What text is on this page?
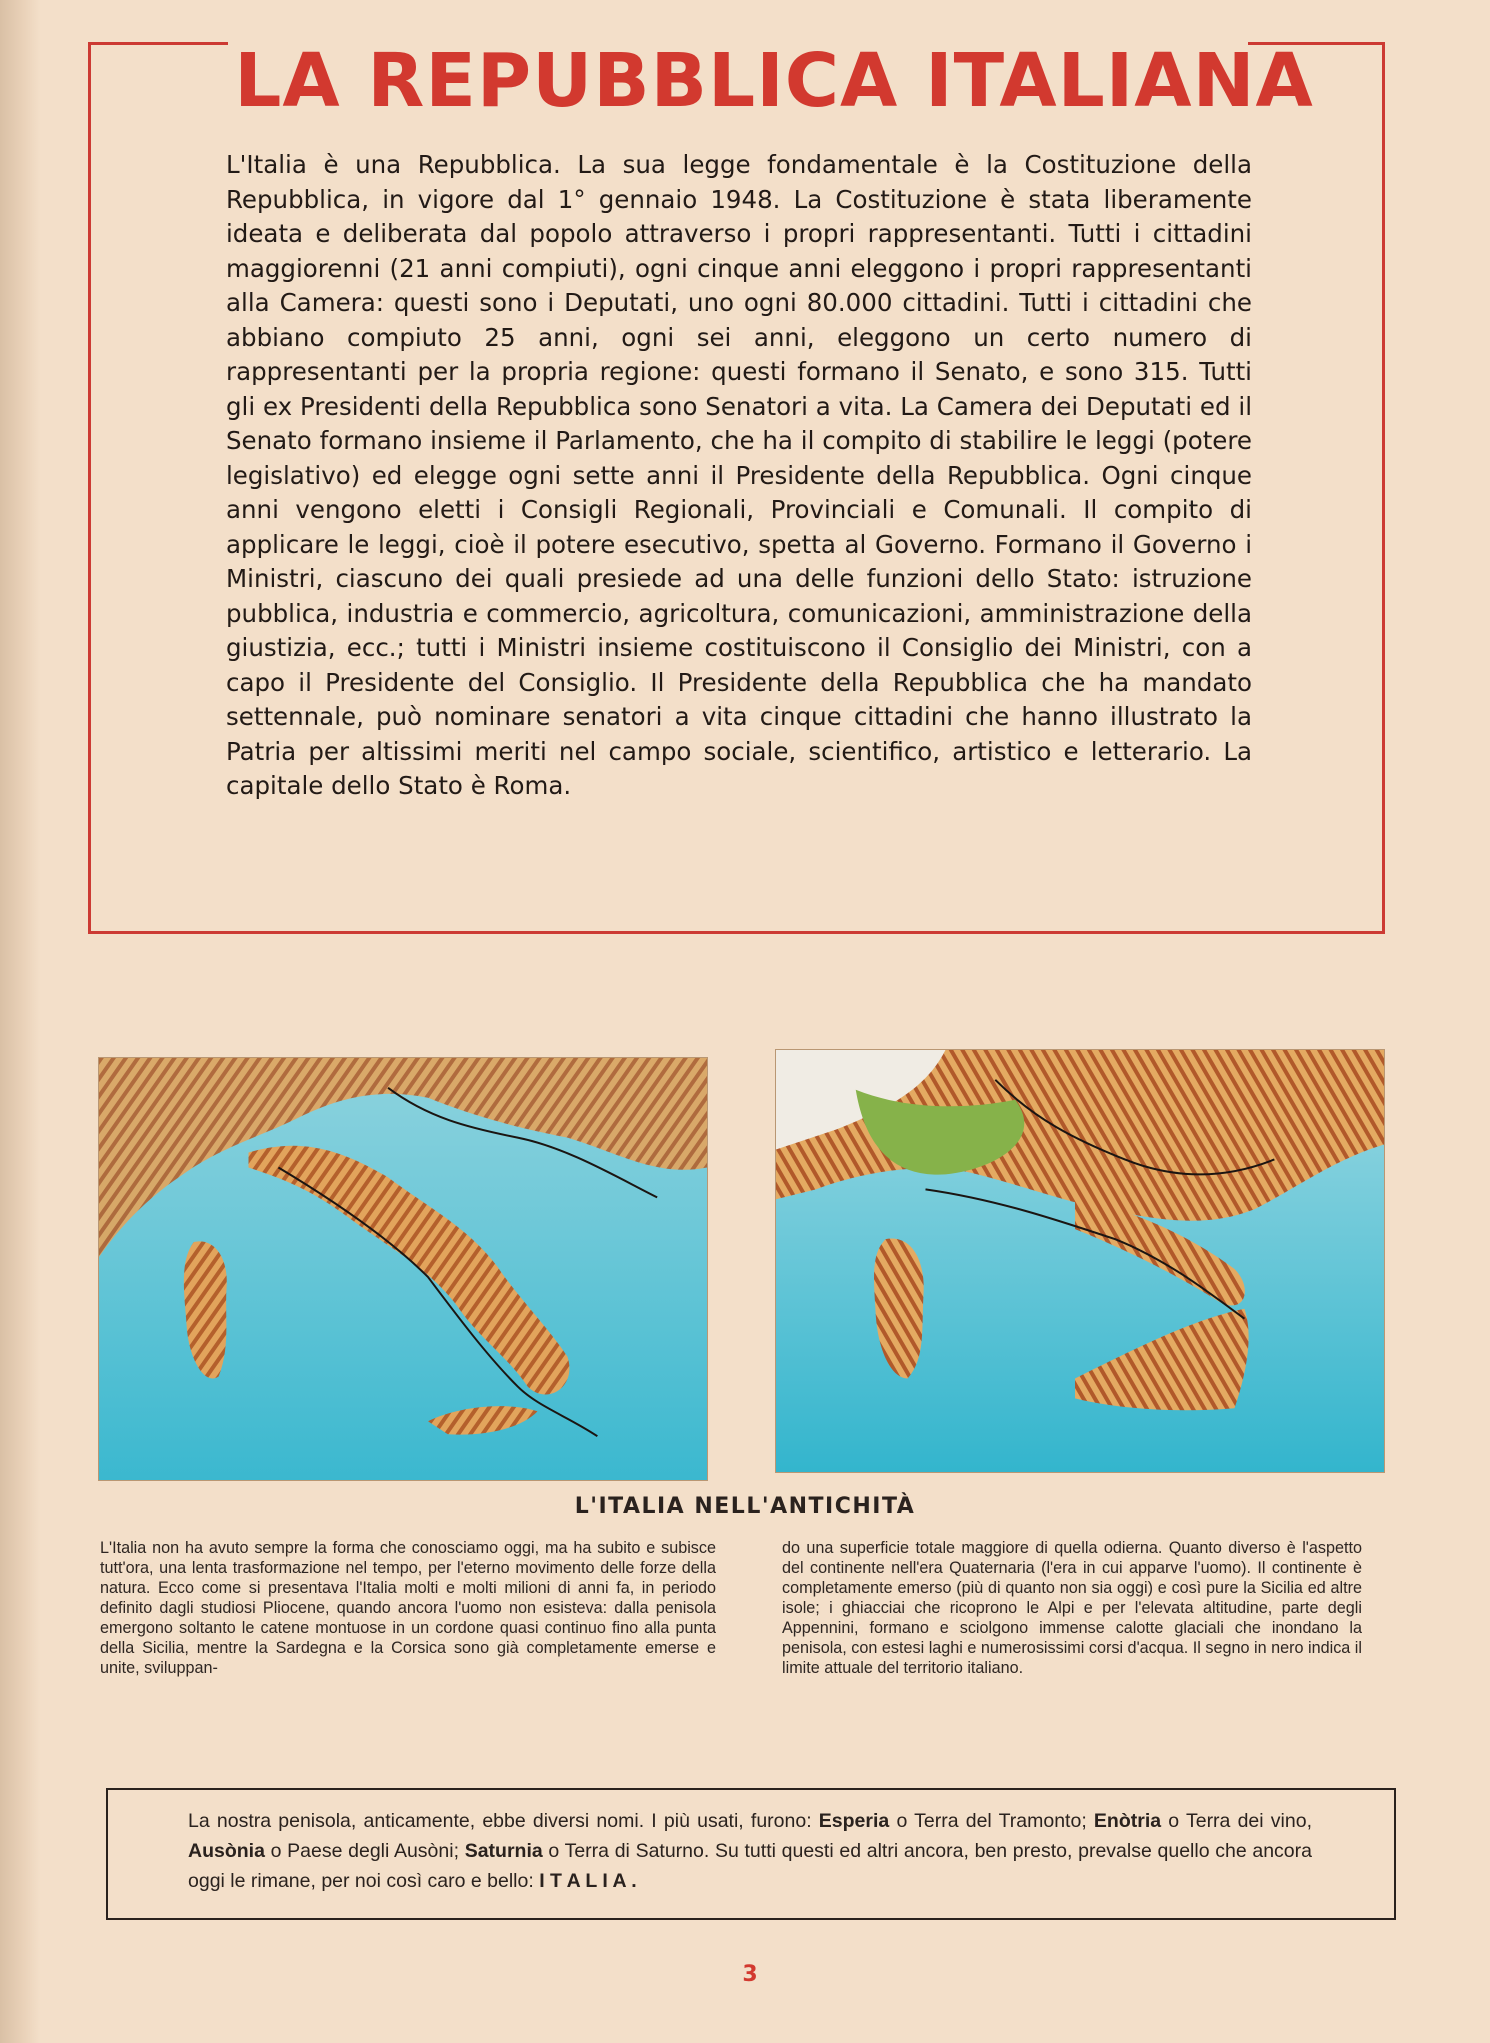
LA REPUBBLICA ITALIANA

L'Italia è una Repubblica. La sua legge fondamentale è la Costituzione della Repubblica, in vigore dal 1° gennaio 1948. La Costituzione è stata liberamente ideata e deliberata dal popolo attraverso i propri rappresentanti. Tutti i cittadini maggiorenni (21 anni compiuti), ogni cinque anni eleggono i propri rappresentanti alla Camera: questi sono i Deputati, uno ogni 80.000 cittadini. Tutti i cittadini che abbiano compiuto 25 anni, ogni sei anni, eleggono un certo numero di rappresentanti per la propria regione: questi formano il Senato, e sono 315. Tutti gli ex Presidenti della Repubblica sono Senatori a vita. La Camera dei Deputati ed il Senato formano insieme il Parlamento, che ha il compito di stabilire le leggi (potere legislativo) ed elegge ogni sette anni il Presidente della Repubblica. Ogni cinque anni vengono eletti i Consigli Regionali, Provinciali e Comunali. Il compito di applicare le leggi, cioè il potere esecutivo, spetta al Governo. Formano il Governo i Ministri, ciascuno dei quali presiede ad una delle funzioni dello Stato: istruzione pubblica, industria e commercio, agricoltura, comunicazioni, amministrazione della giustizia, ecc.; tutti i Ministri insieme costituiscono il Consiglio dei Ministri, con a capo il Presidente del Consiglio. Il Presidente della Repubblica che ha mandato settennale, può nominare senatori a vita cinque cittadini che hanno illustrato la Patria per altissimi meriti nel campo sociale, scientifico, artistico e letterario. La capitale dello Stato è Roma.

L'ITALIA NELL'ANTICHITÀ

L'Italia non ha avuto sempre la forma che conosciamo oggi, ma ha subito e subisce tutt'ora, una lenta trasformazione nel tempo, per l'eterno movimento delle forze della natura. Ecco come si presentava l'Italia molti e molti milioni di anni fa, in periodo definito dagli studiosi Pliocene, quando ancora l'uomo non esisteva: dalla penisola emergono soltanto le catene montuose in un cordone quasi continuo fino alla punta della Sicilia, mentre la Sardegna e la Corsica sono già completamente emerse e unite, sviluppan-

do una superficie totale maggiore di quella odierna. Quanto diverso è l'aspetto del continente nell'era Quaternaria (l'era in cui apparve l'uomo). Il continente è completamente emerso (più di quanto non sia oggi) e così pure la Sicilia ed altre isole; i ghiacciai che ricoprono le Alpi e per l'elevata altitudine, parte degli Appennini, formano e sciolgono immense calotte glaciali che inondano la penisola, con estesi laghi e numerosissimi corsi d'acqua. Il segno in nero indica il limite attuale del territorio italiano.

La nostra penisola, anticamente, ebbe diversi nomi. I più usati, furono: Esperia o Terra del Tramonto; Enòtria o Terra dei vino, Ausònia o Paese degli Ausòni; Saturnia o Terra di Saturno. Su tutti questi ed altri ancora, ben presto, prevalse quello che ancora oggi le rimane, per noi così caro e bello: I T A L I A .

3
